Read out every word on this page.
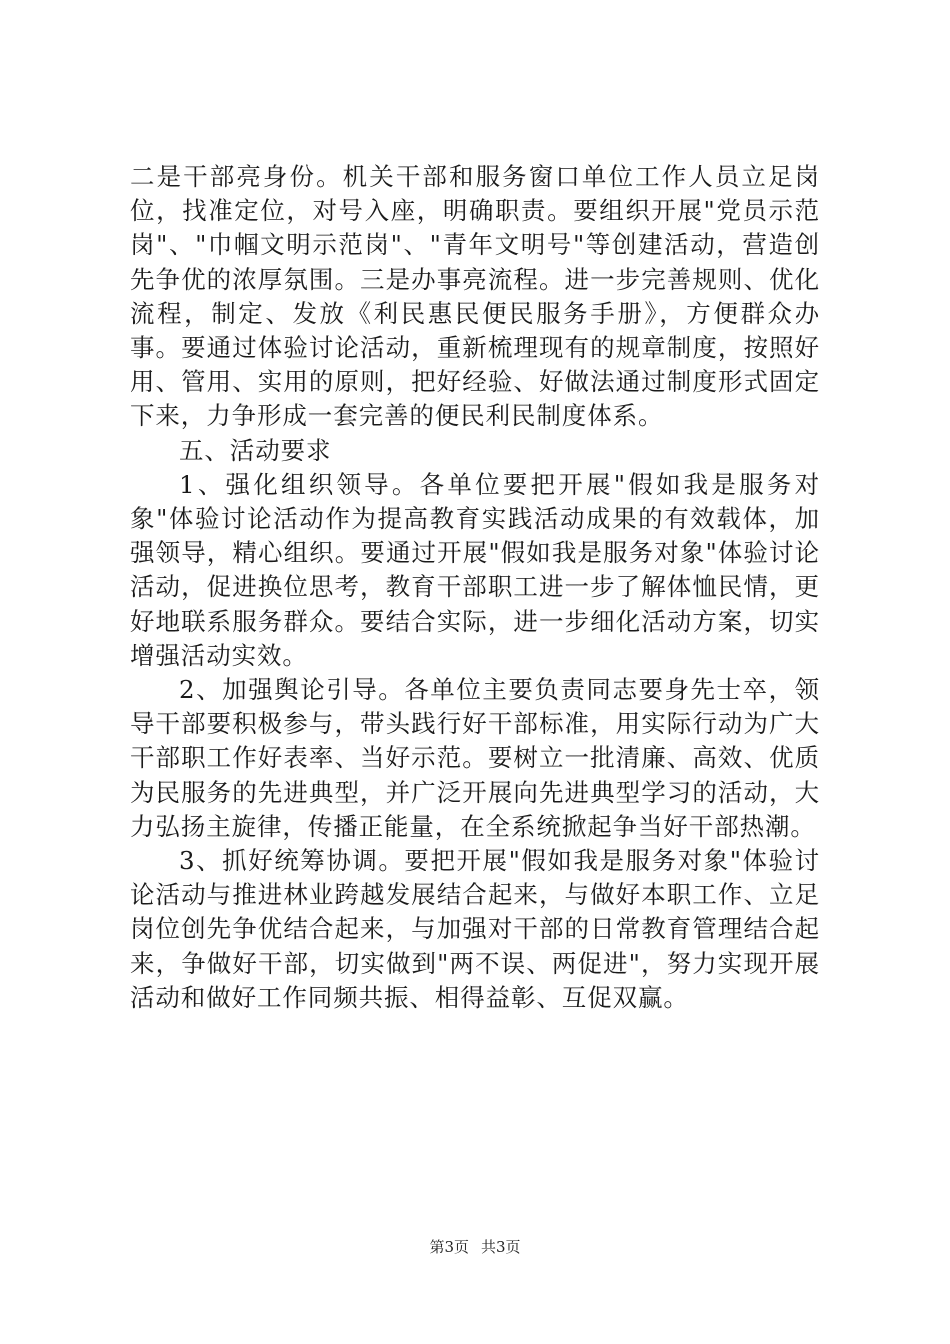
二是干部亮身份。机关干部和服务窗口单位工作人员立足岗位，找准定位，对号入座，明确职责。要组织开展"党员示范岗"、"巾帼文明示范岗"、"青年文明号"等创建活动，营造创先争优的浓厚氛围。三是办事亮流程。进一步完善规则、优化流程，制定、发放《利民惠民便民服务手册》，方便群众办事。要通过体验讨论活动，重新梳理现有的规章制度，按照好用、管用、实用的原则，把好经验、好做法通过制度形式固定下来，力争形成一套完善的便民利民制度体系。

五、活动要求

1、强化组织领导。各单位要把开展"假如我是服务对象"体验讨论活动作为提高教育实践活动成果的有效载体，加强领导，精心组织。要通过开展"假如我是服务对象"体验讨论活动，促进换位思考，教育干部职工进一步了解体恤民情，更好地联系服务群众。要结合实际，进一步细化活动方案，切实增强活动实效。

2、加强舆论引导。各单位主要负责同志要身先士卒，领导干部要积极参与，带头践行好干部标准，用实际行动为广大干部职工作好表率、当好示范。要树立一批清廉、高效、优质为民服务的先进典型，并广泛开展向先进典型学习的活动，大力弘扬主旋律，传播正能量，在全系统掀起争当好干部热潮。

3、抓好统筹协调。要把开展"假如我是服务对象"体验讨论活动与推进林业跨越发展结合起来，与做好本职工作、立足岗位创先争优结合起来，与加强对干部的日常教育管理结合起来，争做好干部，切实做到"两不误、两促进"，努力实现开展活动和做好工作同频共振、相得益彰、互促双赢。

第3页 共3页
